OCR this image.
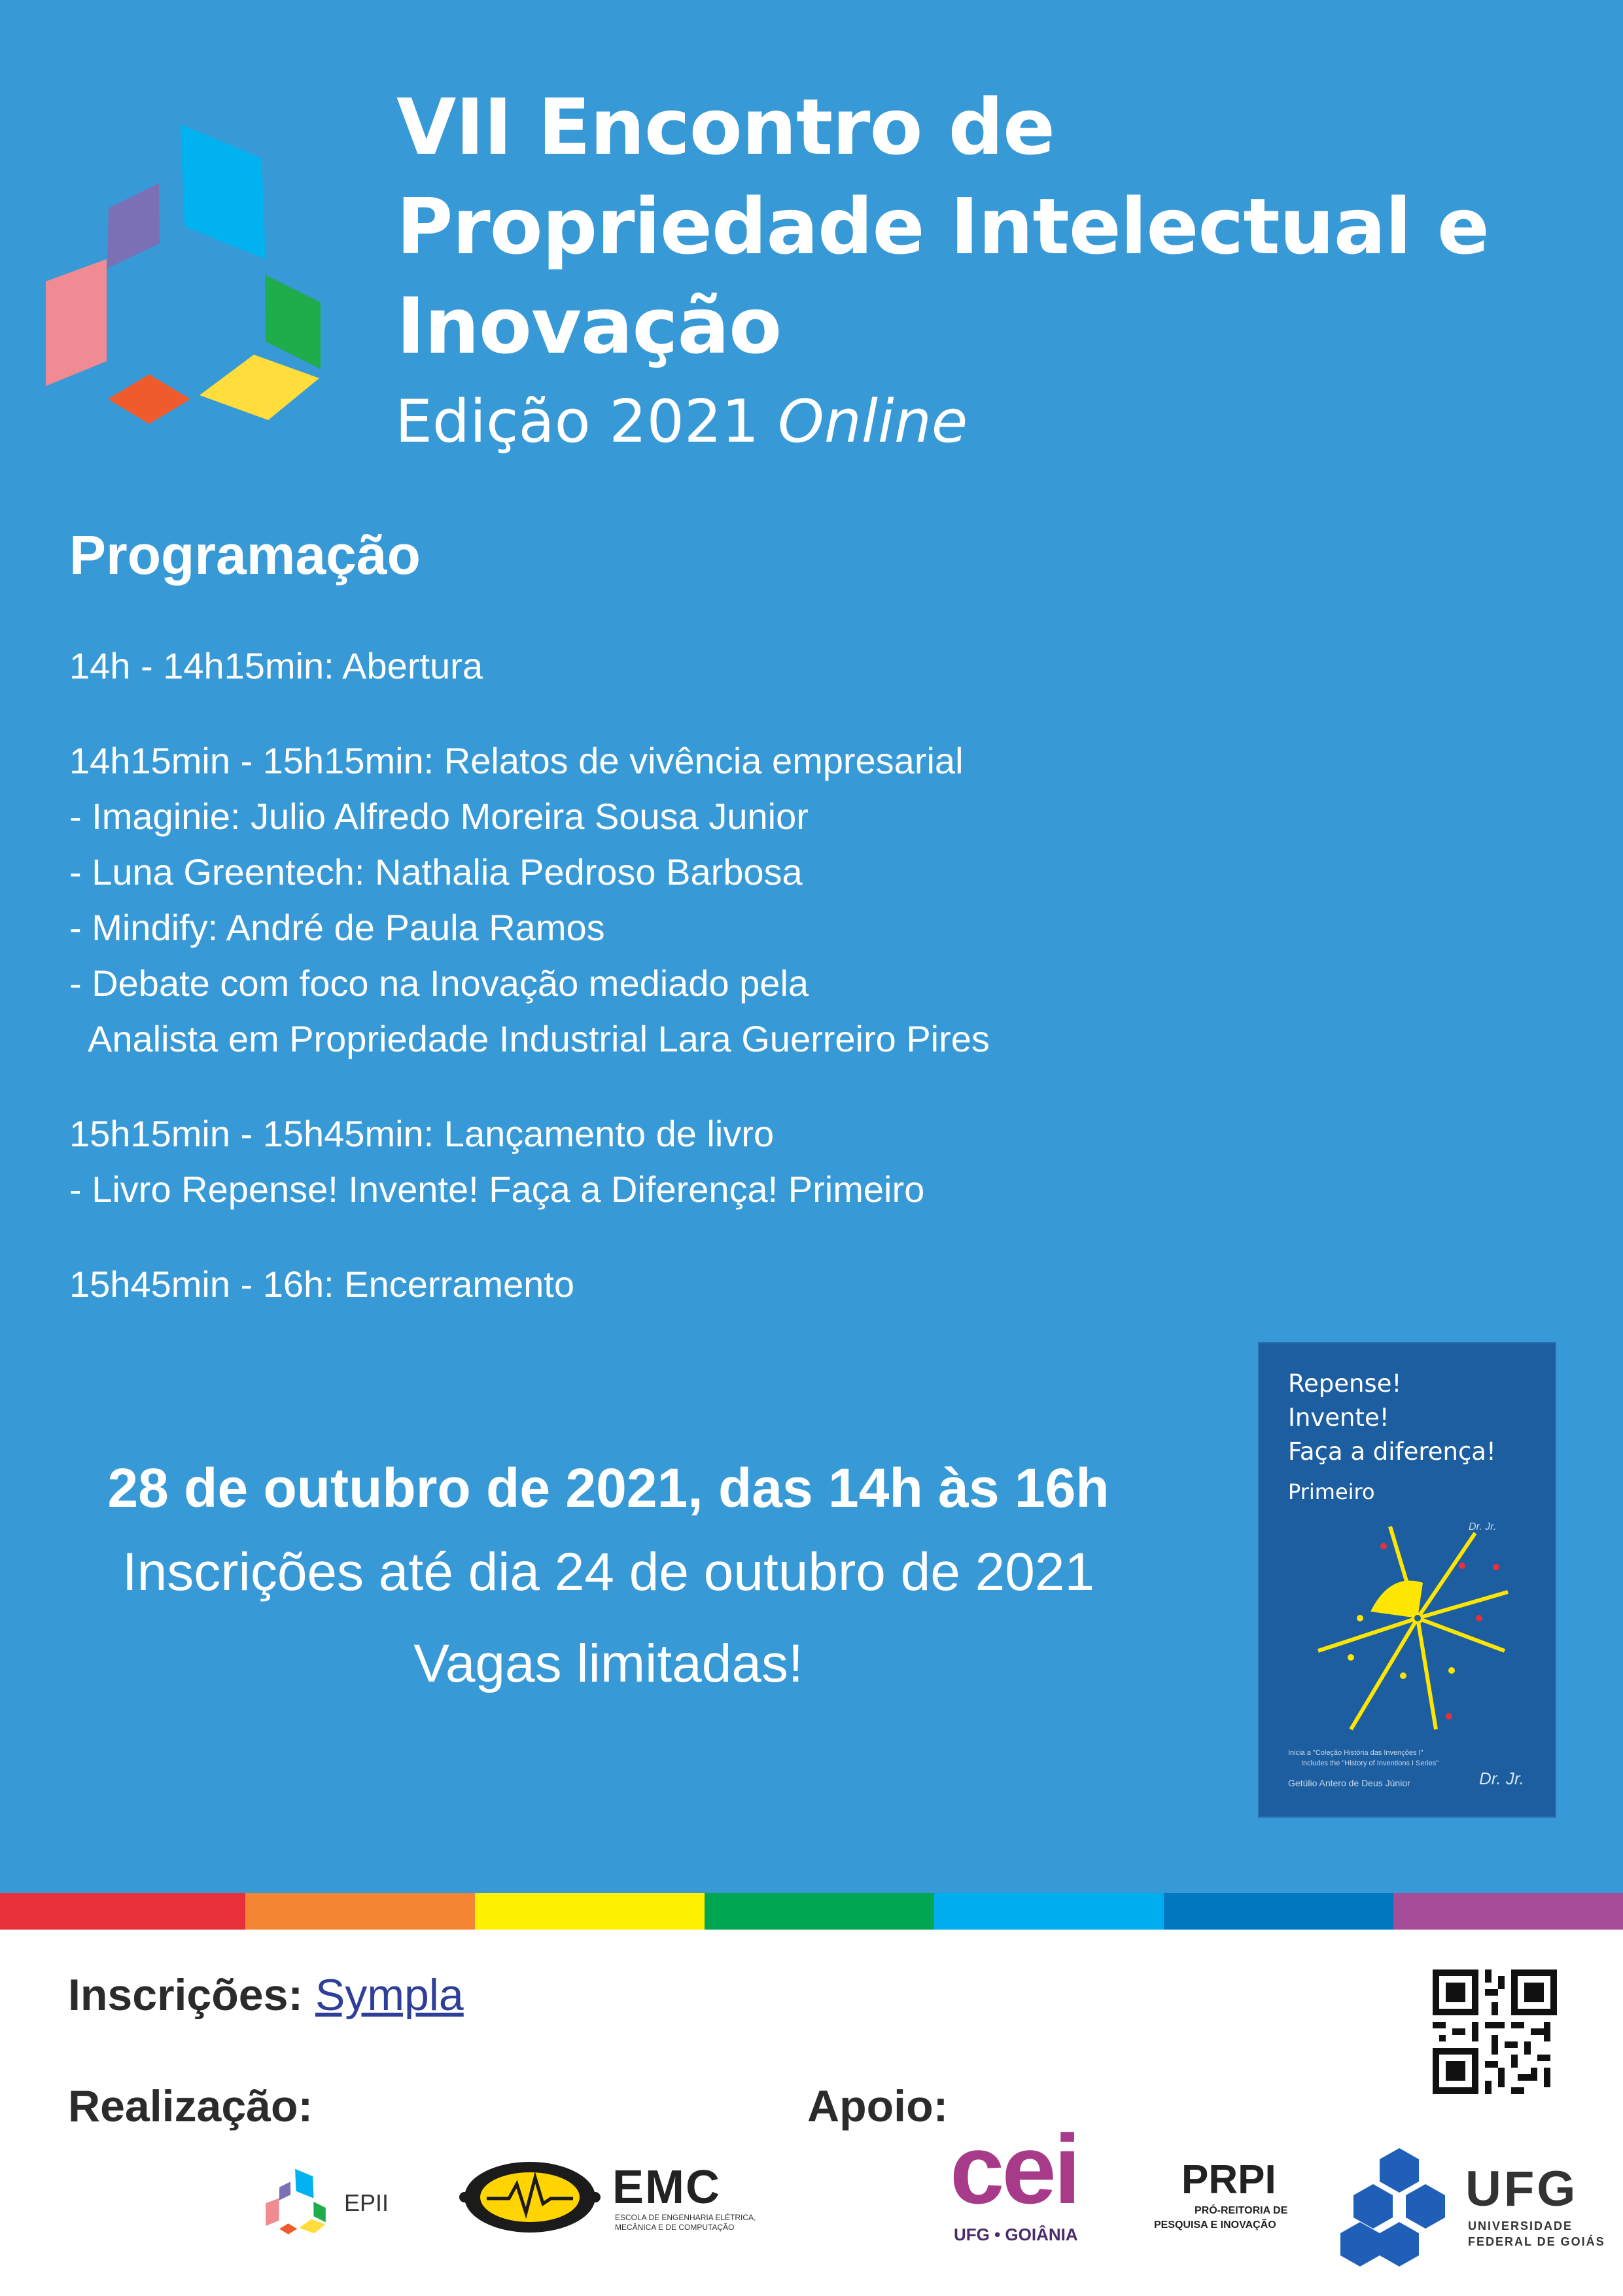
VII Encontro de
Propriedade Intelectual e
Inovação
Edição 2021 Online
Programação
14h - 14h15min: Abertura
14h15min - 15h15min: Relatos de vivência empresarial
- Imaginie: Julio Alfredo Moreira Sousa Junior
- Luna Greentech: Nathalia Pedroso Barbosa
- Mindify: André de Paula Ramos
- Debate com foco na Inovação mediado pela
Analista em Propriedade Industrial Lara Guerreiro Pires
15h15min - 15h45min: Lançamento de livro
- Livro Repense! Invente! Faça a Diferença! Primeiro
15h45min - 16h: Encerramento
28 de outubro de 2021, das 14h às 16h
Inscrições até dia 24 de outubro de 2021
Vagas limitadas!
Repense!
Invente!
Faça a diferença!
Primeiro
Dr. Jr.
Inicia a "Coleção História das Invenções I"
Includes the "History of Inventions I Series"
Getúlio Antero de Deus Júnior	Dr. Jr.
Inscrições: Sympla
Realização:	Apoio:
EPII	EMC
ESCOLA DE ENGENHARIA ELÉTRICA,
MECÂNICA E DE COMPUTAÇÃO
cei
UFG • GOIÂNIA
PRPI
PRÓ-REITORIA DE
PESQUISA E INOVAÇÃO
UFG
UNIVERSIDADE
FEDERAL DE GOIÁS
